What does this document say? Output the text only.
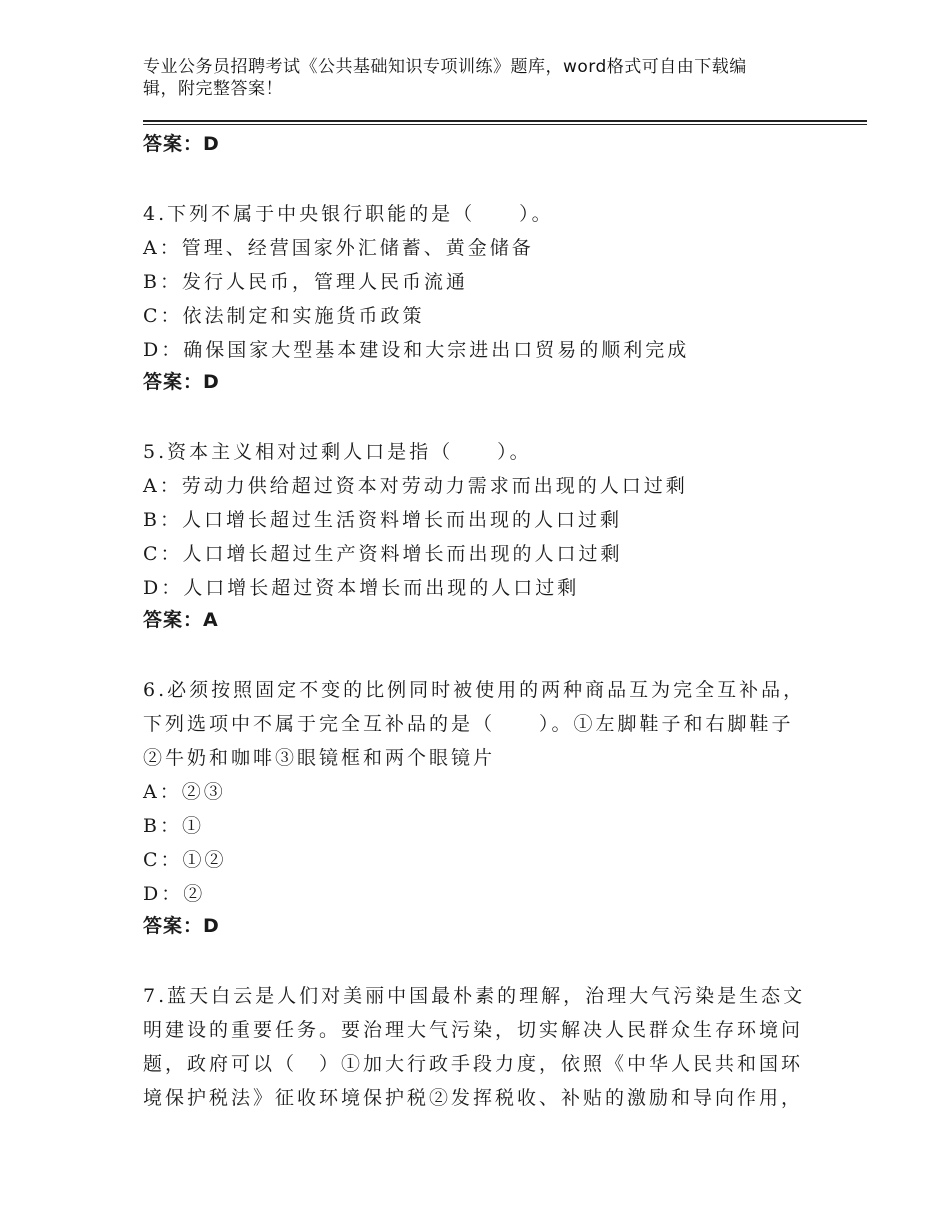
专业公务员招聘考试《公共基础知识专项训练》题库，word格式可自由下载编
辑，附完整答案！
答案：D
4.下列不属于中央银行职能的是（　　）。
A：管理、经营国家外汇储蓄、黄金储备
B：发行人民币，管理人民币流通
C：依法制定和实施货币政策
D：确保国家大型基本建设和大宗进出口贸易的顺利完成
答案：D
5.资本主义相对过剩人口是指（　　）。
A：劳动力供给超过资本对劳动力需求而出现的人口过剩
B：人口增长超过生活资料增长而出现的人口过剩
C：人口增长超过生产资料增长而出现的人口过剩
D：人口增长超过资本增长而出现的人口过剩
答案：A
6.必须按照固定不变的比例同时被使用的两种商品互为完全互补品，
下列选项中不属于完全互补品的是（　　）。①左脚鞋子和右脚鞋子
②牛奶和咖啡③眼镜框和两个眼镜片
A：②③
B：①
C：①②
D：②
答案：D
7.蓝天白云是人们对美丽中国最朴素的理解，治理大气污染是生态文
明建设的重要任务。要治理大气污染，切实解决人民群众生存环境问
题，政府可以（　）①加大行政手段力度，依照《中华人民共和国环
境保护税法》征收环境保护税②发挥税收、补贴的激励和导向作用，
